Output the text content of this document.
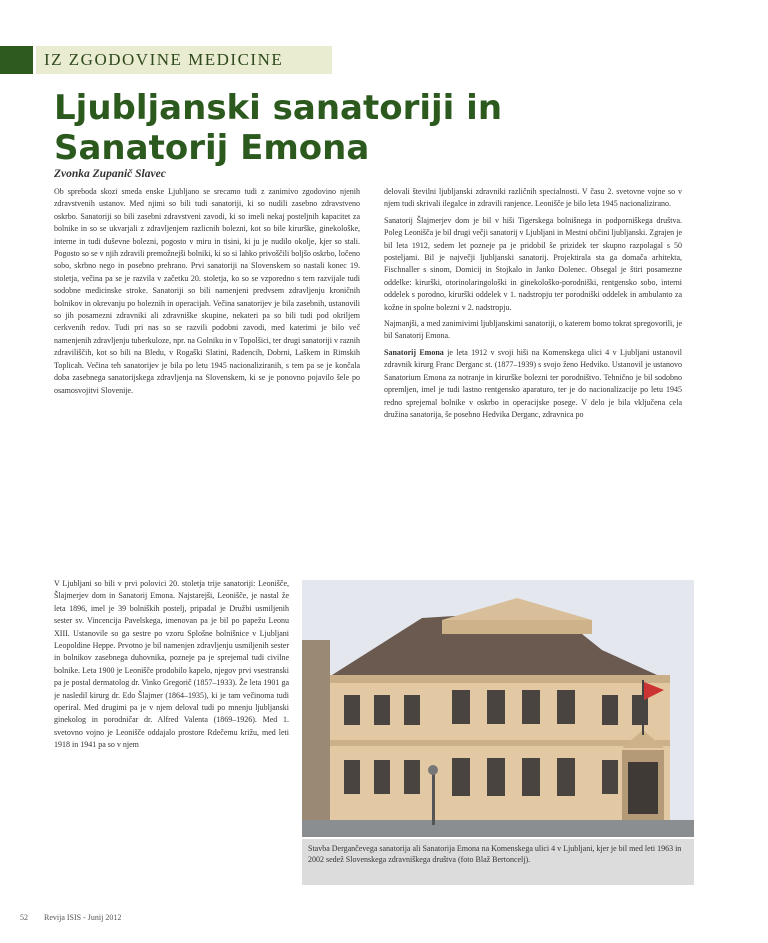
IZ ZGODOVINE MEDICINE
Ljubljanski sanatoriji in
Sanatorij Emona

Zvonka Zupanič Slavec

Ob spreboda skozi smeda enske Ljubljano se srecamo tudi z zanimivo zgodovino njenih zdravstvenih ustanov. Med njimi so bili tudi sanatoriji, ki so nudili zasebno zdravstveno oskrbo. Sanatoriji so bili zasebni zdravstveni zavodi, ki so imeli nekaj posteljnih kapacitet za bolnike in so se ukvarjali z zdravljenjem razlicnih bolezni, kot so bile kirurške, ginekološke, interne in tudi duševne bolezni, pogosto v miru in tisini, ki ju je nudilo okolje, kjer so stali. Pogosto so se v njih zdravili premožnejši bolniki, ki so si lahko privoščili boljšo oskrbo, ločeno sobo, skrbno nego in posebno prehrano. Prvi sanatoriji na Slovenskem so nastali konec 19. stoletja, večina pa se je razvila v začetku 20. stoletja, ko so se vzporedno s tem razvijale tudi sodobne medicinske stroke. Sanatoriji so bili namenjeni predvsem zdravljenju kroničnih bolnikov in okrevanju po boleznih in operacijah. Večina sanatorijev je bila zasebnih, ustanovili so jih posamezni zdravniki ali zdravniške skupine, nekateri pa so bili tudi pod okriljem cerkvenih redov. Tudi pri nas so se razvili podobni zavodi, med katerimi je bilo več namenjenih zdravljenju tuberkuloze, npr. na Golniku in v Topolšici, ter drugi sanatoriji v raznih zdraviliščih, kot so bili na Bledu, v Rogaški Slatini, Radencih, Dobrni, Laškem in Rimskih Toplicah. Večina teh sanatorijev je bila po letu 1945 nacionaliziranih, s tem pa se je končala doba zasebnega sanatorijskega zdravljenja na Slovenskem, ki se je ponovno pojavilo šele po osamosvojitvi Slovenije.

delovali številni ljubljanski zdravniki različnih specialnosti. V času 2. svetovne vojne so v njem tudi skrivali ilegalce in zdravili ranjence. Leonišče je bilo leta 1945 nacionalizirano.

Sanatorij Šlajmerjev dom je bil v hiši Tigerskega bolnišnega in podporniškega društva. Poleg Leonišča je bil drugi večji sanatorij v Ljubljani in Mestni občini ljubljanski. Zgrajen je bil leta 1912, sedem let pozneje pa je pridobil še prizidek ter skupno razpolagal s 50 posteljami. Bil je največji ljubljanski sanatorij. Projektirala sta ga domača arhitekta, Fischnaller s sinom, Domicij in Stojkalo in Janko Dolenec. Obsegal je štiri posamezne oddelke: kirurški, otorinolaringološki in ginekološko-porodniški, rentgensko sobo, interni oddelek s porodno, kirurški oddelek v 1. nadstropju ter porodniški oddelek in ambulanto za kožne in spolne bolezni v 2. nadstropju.

Najmanjši, a med zanimivimi ljubljanskimi sanatoriji, o katerem bomo tokrat spregovorili, je bil Sanatorij Emona.

Sanatorij Emona je leta 1912 v svoji hiši na Komenskega ulici 4 v Ljubljani ustanovil zdravnik kirurg Franc Derganc st. (1877–1939) s svojo ženo Hedviko. Ustanovil je ustanovo Sanatorium Emona za notranje in kirurške bolezni ter porodništvo. Tehnično je bil sodobno opremljen, imel je tudi lastno rentgensko aparaturo, ter je do nacionalizacije po letu 1945 redno sprejemal bolnike v oskrbo in operacijske posege. V delo je bila vključena cela družina sanatorija, še posebno Hedvika Derganc, zdravnica po

V Ljubljani so bili v prvi polovici 20. stoletja trije sanatoriji: Leonišče, Šlajmerjev dom in Sanatorij Emona. Najstarejši, Leonišče, je nastal že leta 1896, imel je 39 bolniških postelj, pripadal je Družbi usmiljenih sester sv. Vincencija Pavelskega, imenovan pa je bil po papežu Leonu XIII. Ustanovile so ga sestre po vzoru Splošne bolnišnice v Ljubljani Leopoldine Heppe. Prvotno je bil namenjen zdravljenju usmiljenih sester in bolnikov zasebnega duhovnika, pozneje pa je sprejemal tudi civilne bolnike. Leta 1900 je Leonišče prodobilo kapelo, njegov prvi vsestranski pa je postal dermatolog dr. Vinko Gregorič (1857–1933). Že leta 1901 ga je nasledil kirurg dr. Edo Šlajmer (1864–1935), ki je tam večinoma tudi operiral. Med drugimi pa je v njem deloval tudi po mnenju ljubljanski ginekolog in porodničar dr. Alfred Valenta (1869–1926). Med 1. svetovno vojno je Leonišče oddajalo prostore Rdečemu križu, med leti 1918 in 1941 pa so v njem

Stavba Dergančevega sanatorija ali Sanatorija Emona na Komenskega ulici 4 v Ljubljani, kjer je bil med leti 1963 in 2002 sedež Slovenskega zdravniškega društva (foto Blaž Bertoncelj).
52 Revija ISIS - Junij 2012
